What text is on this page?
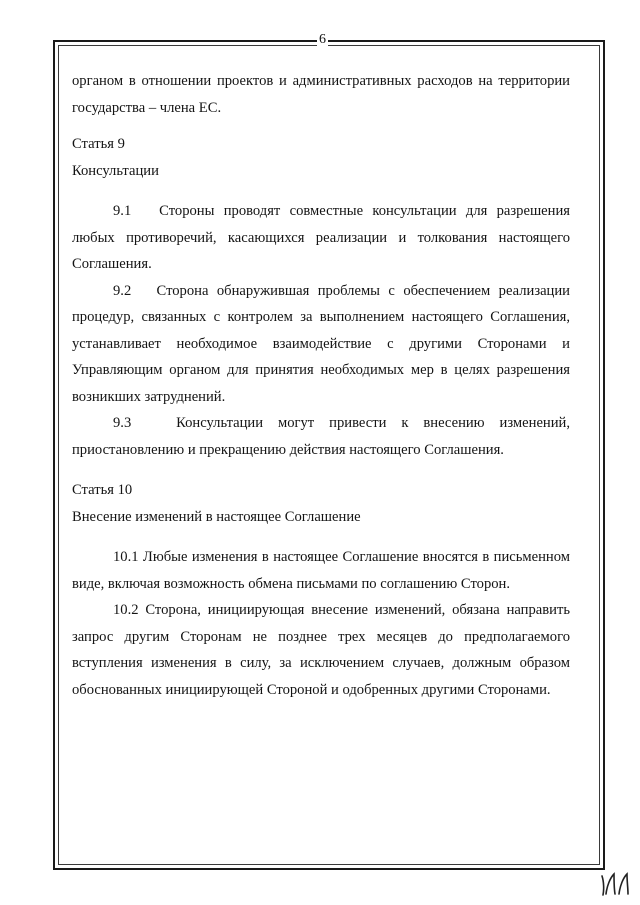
6

органом в отношении проектов и административных расходов на территории государства – члена ЕС.

Статья 9

Консультации

9.1   Стороны проводят совместные консультации для разрешения любых противоречий, касающихся реализации и толкования настоящего Соглашения.

9.2   Сторона обнаружившая проблемы с обеспечением реализации процедур, связанных с контролем за выполнением настоящего Соглашения, устанавливает необходимое взаимодействие с другими Сторонами и Управляющим органом для принятия необходимых мер в целях разрешения возникших затруднений.

9.3   Консультации могут привести к внесению изменений, приостановлению и прекращению действия настоящего Соглашения.

Статья 10

Внесение изменений в настоящее Соглашение

10.1 Любые изменения в настоящее Соглашение вносятся в письменном виде, включая возможность обмена письмами по соглашению Сторон.

10.2 Сторона, инициирующая внесение изменений, обязана направить запрос другим Сторонам не позднее трех месяцев до предполагаемого вступления изменения в силу, за исключением случаев, должным образом обоснованных инициирующей Стороной и одобренных другими Сторонами.
